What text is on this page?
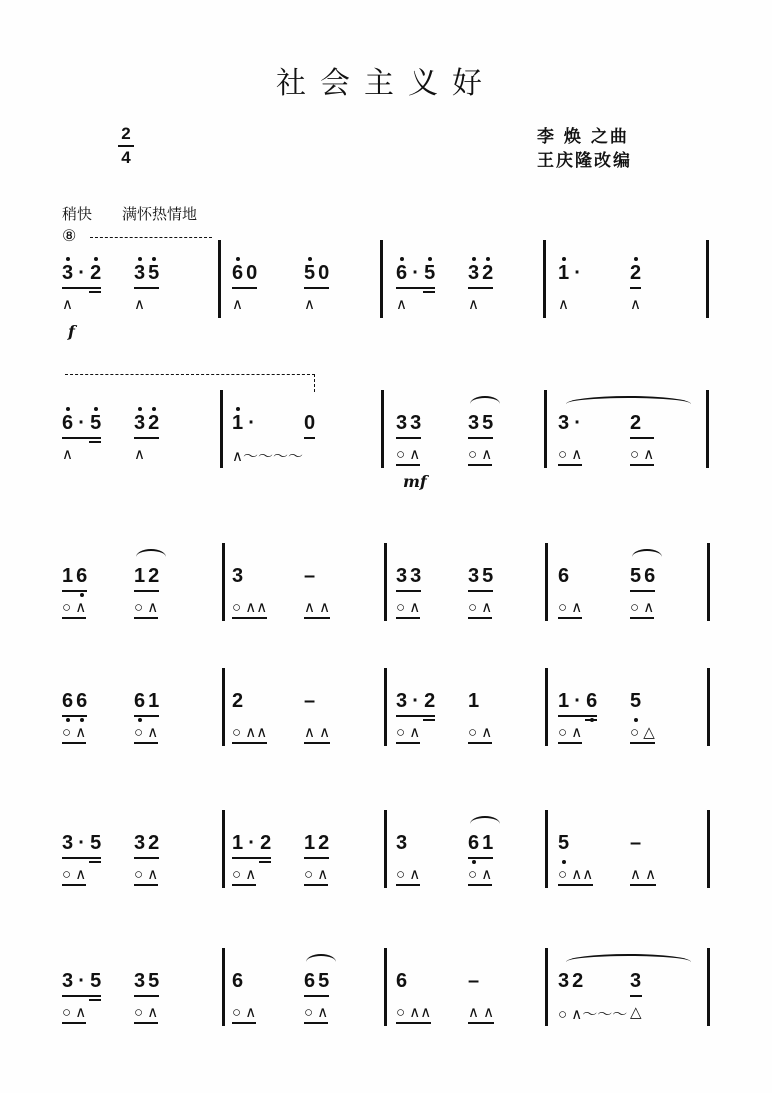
社会主义好
2
4
李 焕 之曲
王庆隆改编
稍快 满怀热情地
⑧
f
mf
3 · 2
∧
3 5
∧
6 0
∧
5 0
∧
6 · 5
∧
3 2
∧
1 ·
∧
2
∧
6 · 5
∧
3 2
∧
1 ·
∧〜〜〜〜
0	3 3
○ ∧
3 5
○ ∧
3 ·
○ ∧
2
○ ∧
1 6
○ ∧
1 2
○ ∧
3
○ ∧∧
–
∧ ∧
3 3
○ ∧
3 5
○ ∧
6
○ ∧
5 6
○ ∧
6 6
○ ∧
6 1
○ ∧
2
○ ∧∧
–
∧ ∧
3 · 2
○ ∧
1
○ ∧
1 · 6
○ ∧
5
○ △
3 · 5
○ ∧
3 2
○ ∧
1 · 2
○ ∧
1 2
○ ∧
3
○ ∧
6 1
○ ∧
5
○ ∧∧
–
∧ ∧
3 · 5
○ ∧
3 5
○ ∧
6
○ ∧
6 5
○ ∧
6
○ ∧∧
–
∧ ∧
3 2
○ ∧〜〜〜
3
△
